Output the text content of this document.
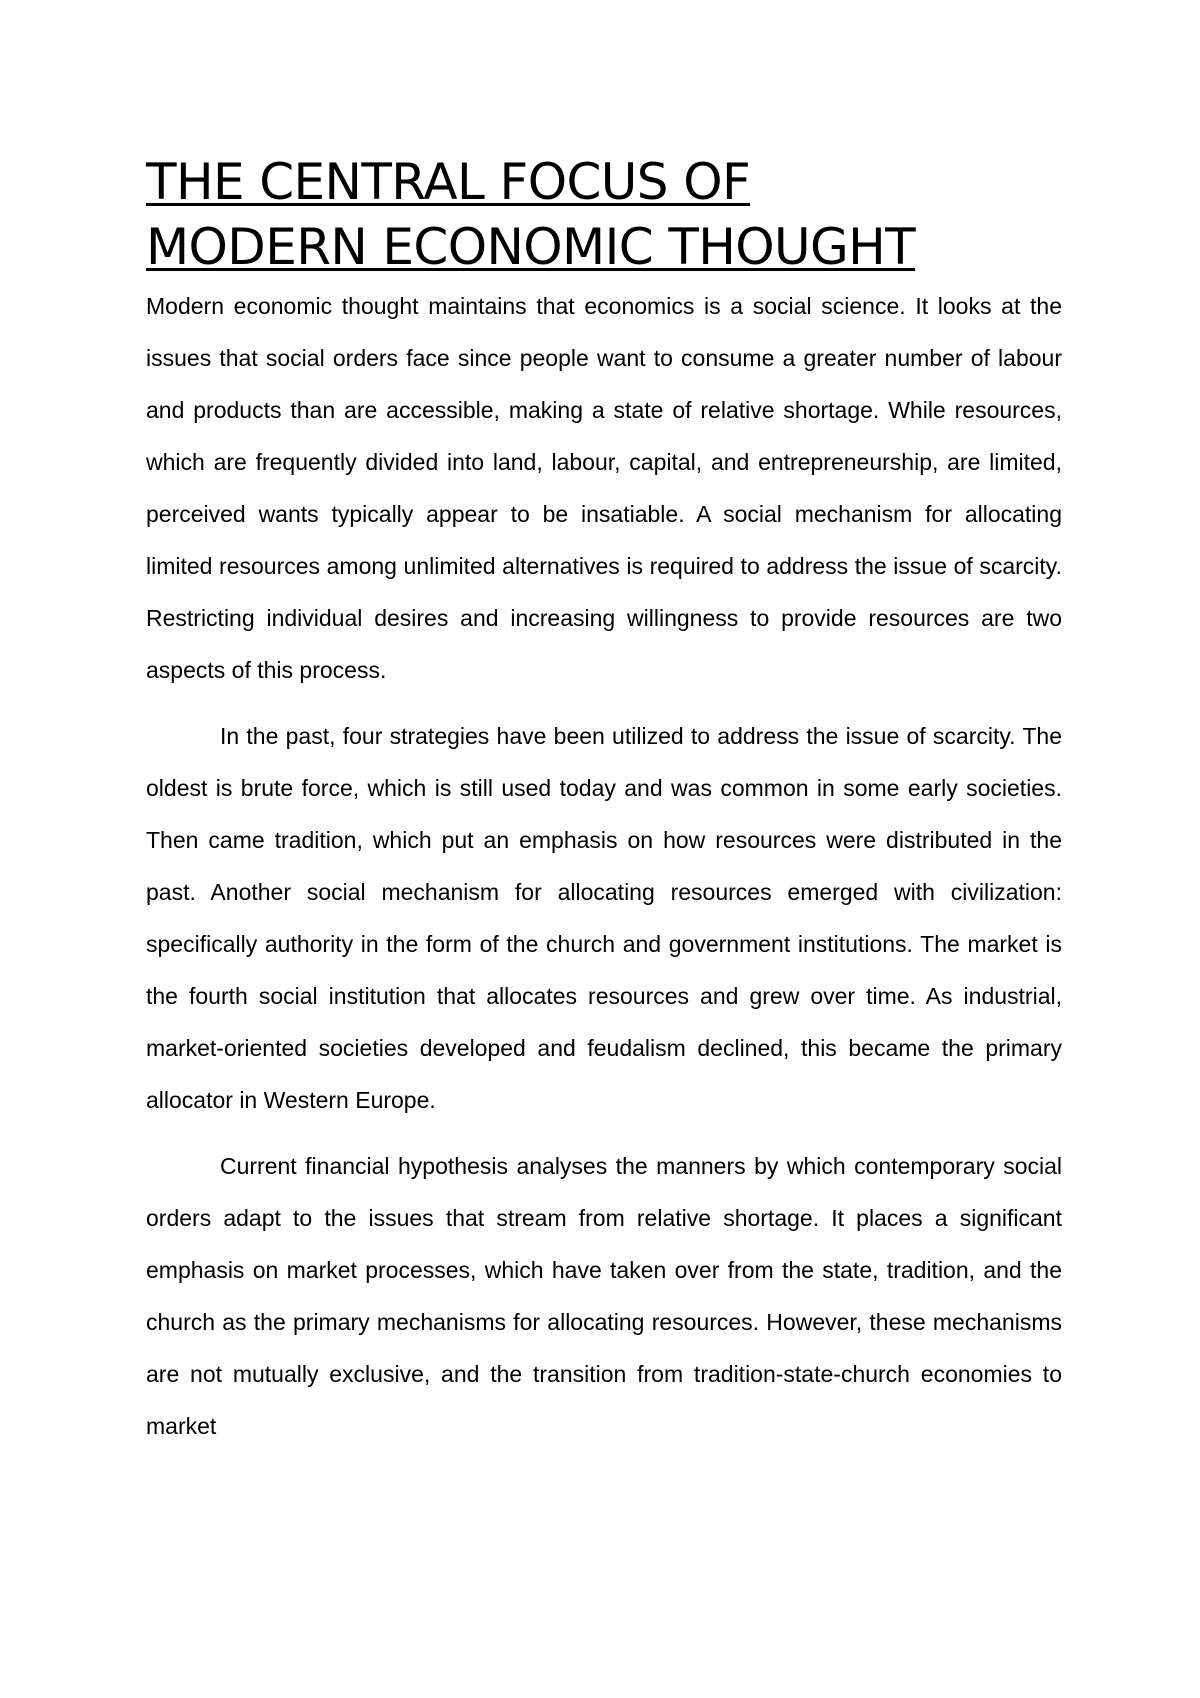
THE CENTRAL FOCUS OF
MODERN ECONOMIC THOUGHT

Modern economic thought maintains that economics is a social science. It looks at the issues that social orders face since people want to consume a greater number of labour and products than are accessible, making a state of relative shortage. While resources, which are frequently divided into land, labour, capital, and entrepreneurship, are limited, perceived wants typically appear to be insatiable. A social mechanism for allocating limited resources among unlimited alternatives is required to address the issue of scarcity. Restricting individual desires and increasing willingness to provide resources are two aspects of this process.

In the past, four strategies have been utilized to address the issue of scarcity. The oldest is brute force, which is still used today and was common in some early societies. Then came tradition, which put an emphasis on how resources were distributed in the past. Another social mechanism for allocating resources emerged with civilization: specifically authority in the form of the church and government institutions. The market is the fourth social institution that allocates resources and grew over time. As industrial, market-oriented societies developed and feudalism declined, this became the primary allocator in Western Europe.

Current financial hypothesis analyses the manners by which contemporary social orders adapt to the issues that stream from relative shortage. It places a significant emphasis on market processes, which have taken over from the state, tradition, and the church as the primary mechanisms for allocating resources. However, these mechanisms are not mutually exclusive, and the transition from tradition-state-church economies to market
